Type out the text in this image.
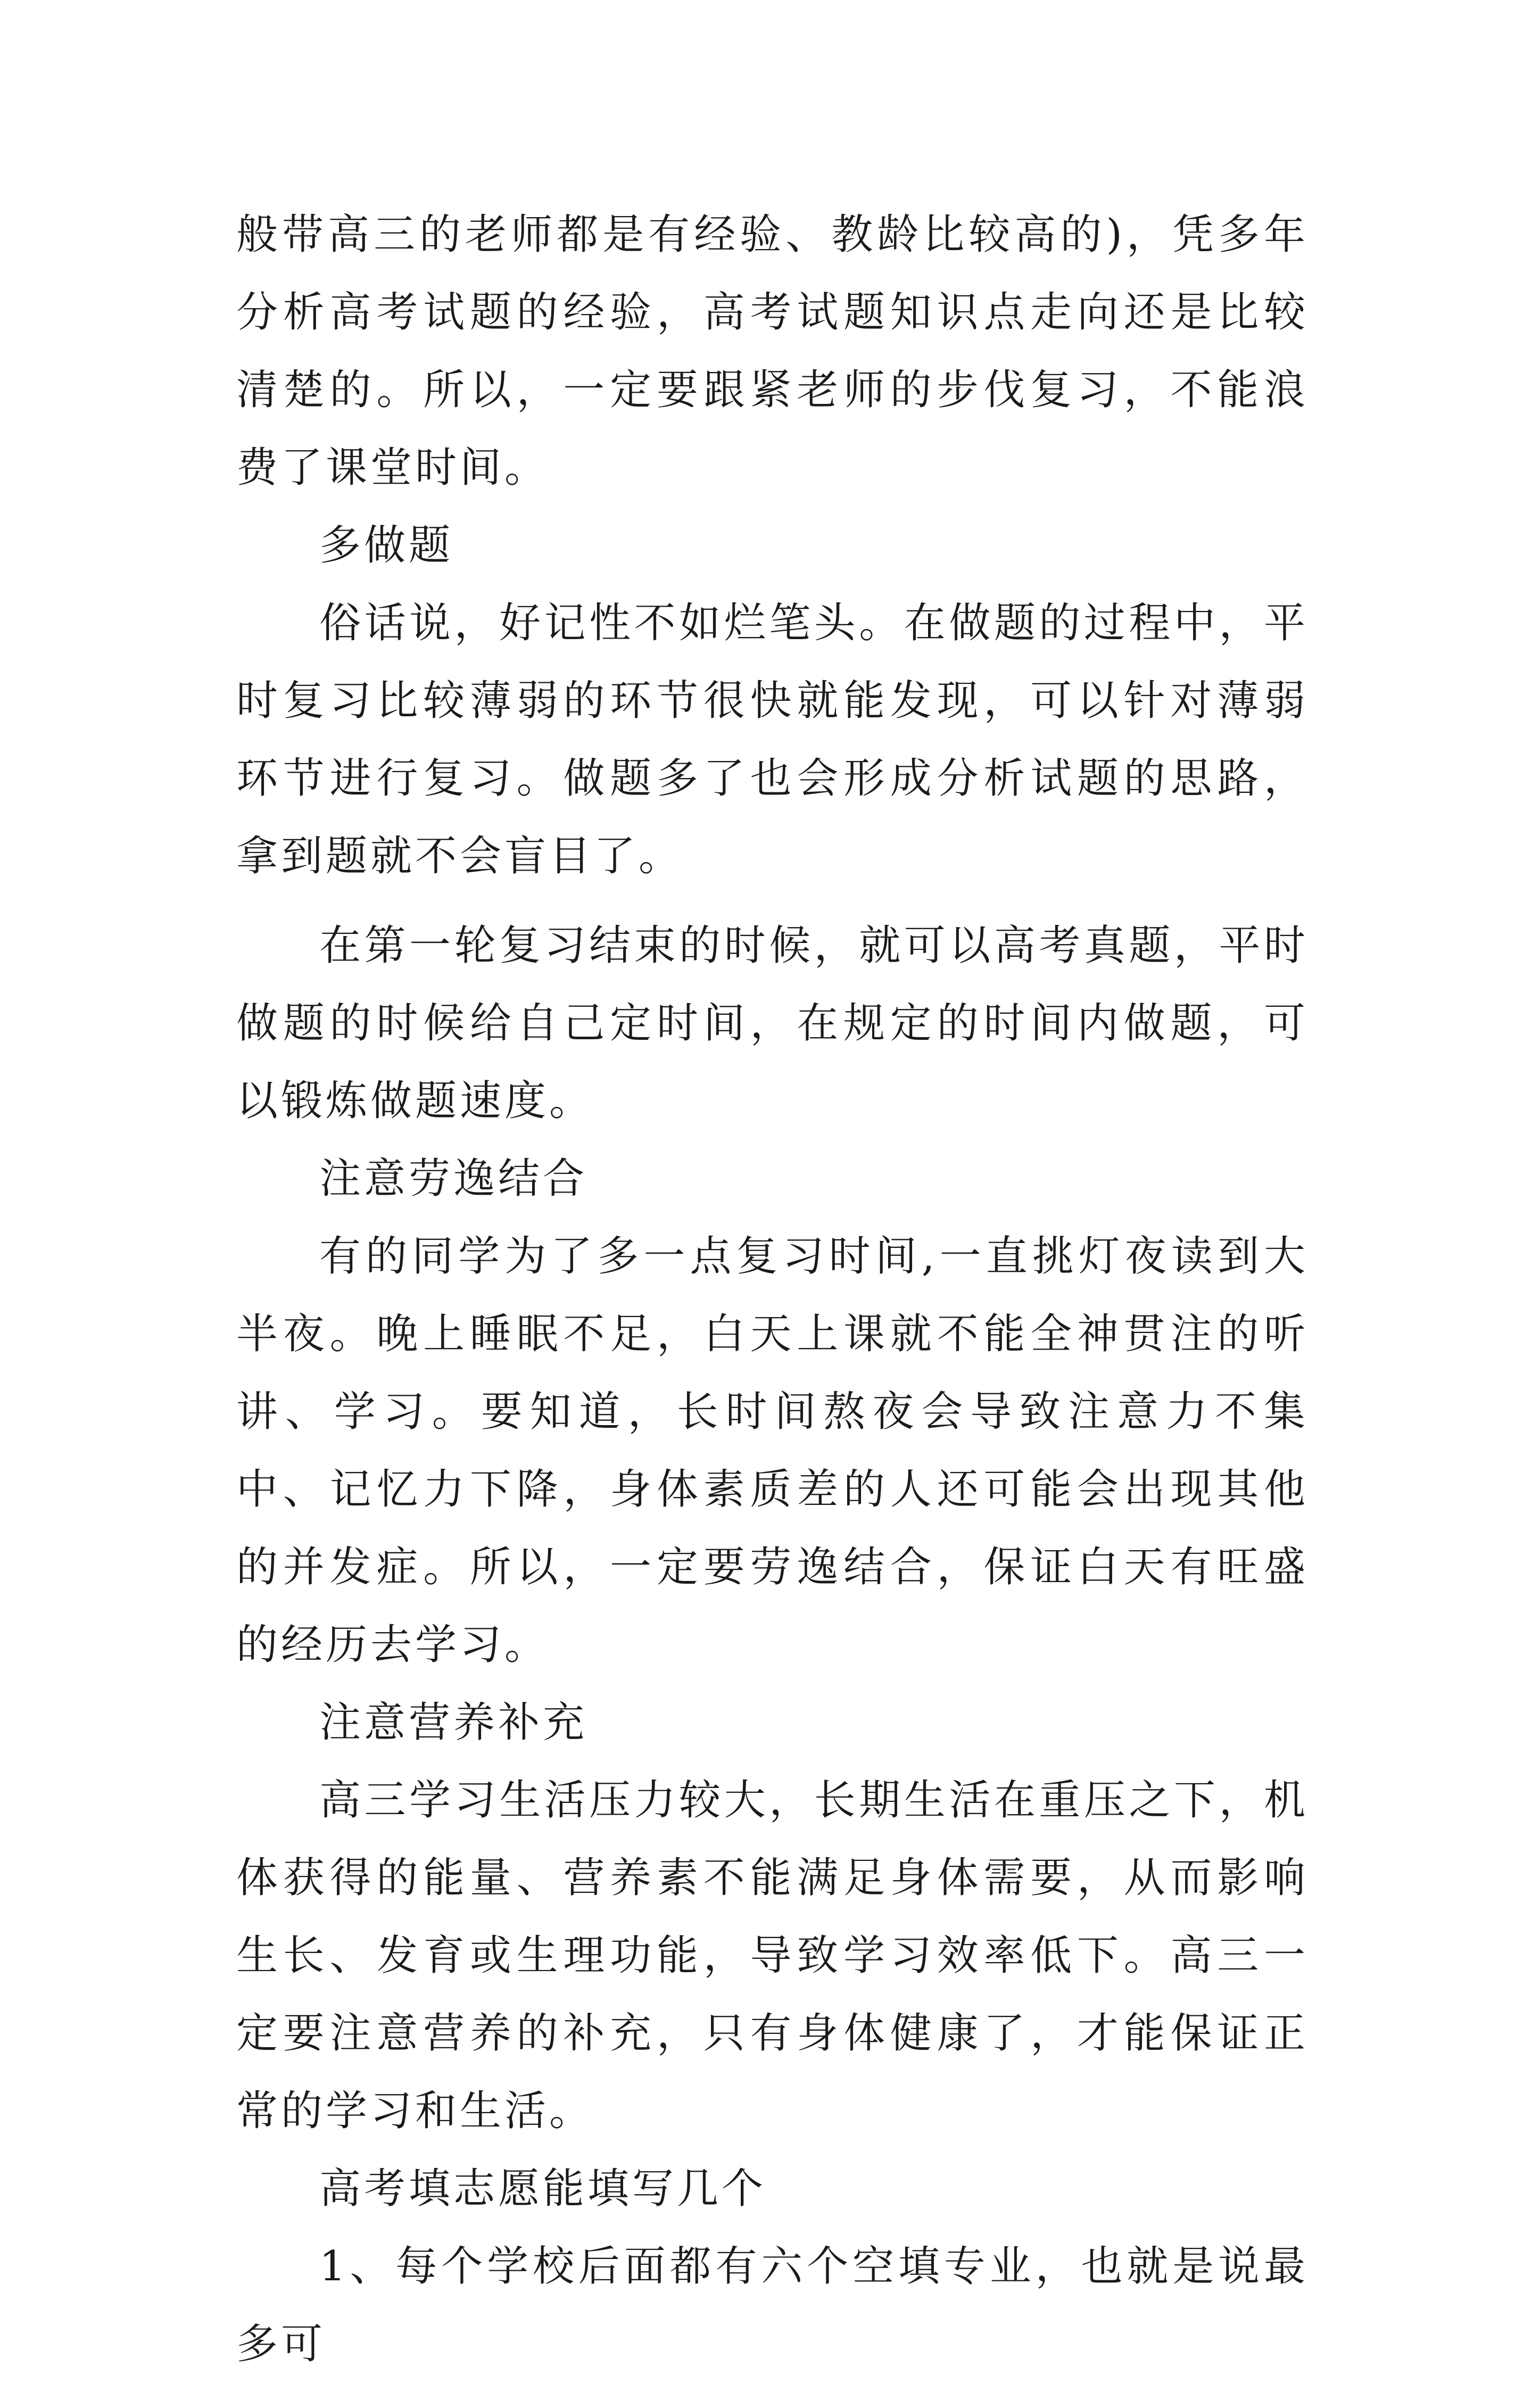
般带高三的老师都是有经验、教龄比较高的)，凭多年分析高考试题的经验，高考试题知识点走向还是比较清楚的。所以，一定要跟紧老师的步伐复习，不能浪费了课堂时间。

多做题

俗话说，好记性不如烂笔头。在做题的过程中，平时复习比较薄弱的环节很快就能发现，可以针对薄弱环节进行复习。做题多了也会形成分析试题的思路，拿到题就不会盲目了。

在第一轮复习结束的时候，就可以高考真题，平时做题的时候给自己定时间，在规定的时间内做题，可以锻炼做题速度。

注意劳逸结合

有的同学为了多一点复习时间,一直挑灯夜读到大半夜。晚上睡眠不足，白天上课就不能全神贯注的听讲、学习。要知道，长时间熬夜会导致注意力不集中、记忆力下降，身体素质差的人还可能会出现其他的并发症。所以，一定要劳逸结合，保证白天有旺盛的经历去学习。

注意营养补充

高三学习生活压力较大，长期生活在重压之下，机体获得的能量、营养素不能满足身体需要，从而影响生长、发育或生理功能，导致学习效率低下。高三一定要注意营养的补充，只有身体健康了，才能保证正常的学习和生活。

高考填志愿能填写几个

1、每个学校后面都有六个空填专业，也就是说最多可
